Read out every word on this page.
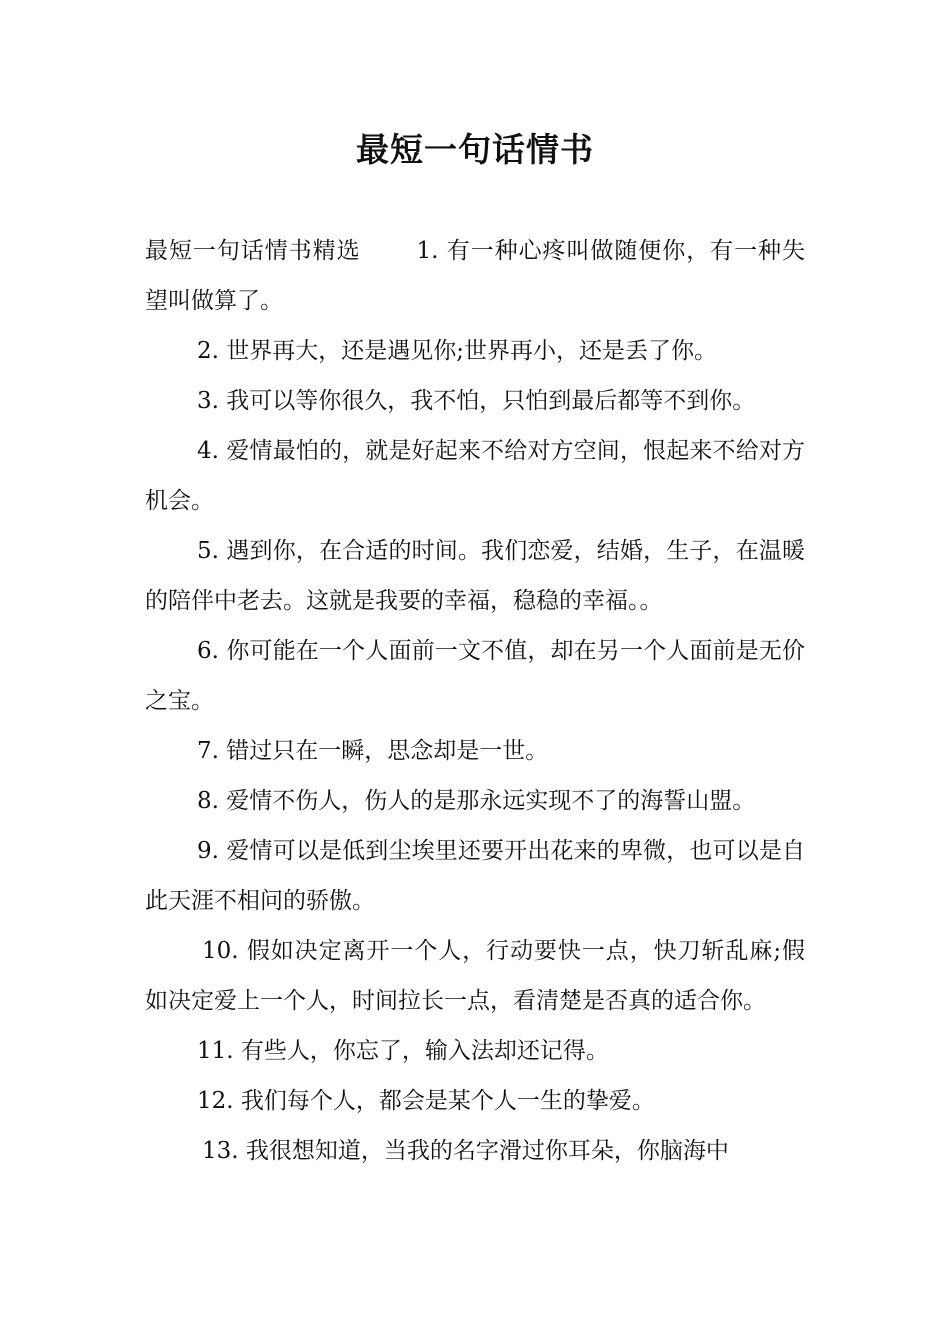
最短一句话情书

最短一句话情书精选 1. 有一种心疼叫做随便你，有一种失望叫做算了。

2. 世界再大，还是遇见你;世界再小，还是丢了你。

3. 我可以等你很久，我不怕，只怕到最后都等不到你。

4. 爱情最怕的，就是好起来不给对方空间，恨起来不给对方机会。

5. 遇到你，在合适的时间。我们恋爱，结婚，生子，在温暖的陪伴中老去。这就是我要的幸福，稳稳的幸福。。

6. 你可能在一个人面前一文不值，却在另一个人面前是无价之宝。

7. 错过只在一瞬，思念却是一世。

8. 爱情不伤人，伤人的是那永远实现不了的海誓山盟。

9. 爱情可以是低到尘埃里还要开出花来的卑微，也可以是自此天涯不相问的骄傲。

10. 假如决定离开一个人，行动要快一点，快刀斩乱麻;假如决定爱上一个人，时间拉长一点，看清楚是否真的适合你。

11. 有些人，你忘了，输入法却还记得。

12. 我们每个人，都会是某个人一生的挚爱。

13. 我很想知道，当我的名字滑过你耳朵，你脑海中
